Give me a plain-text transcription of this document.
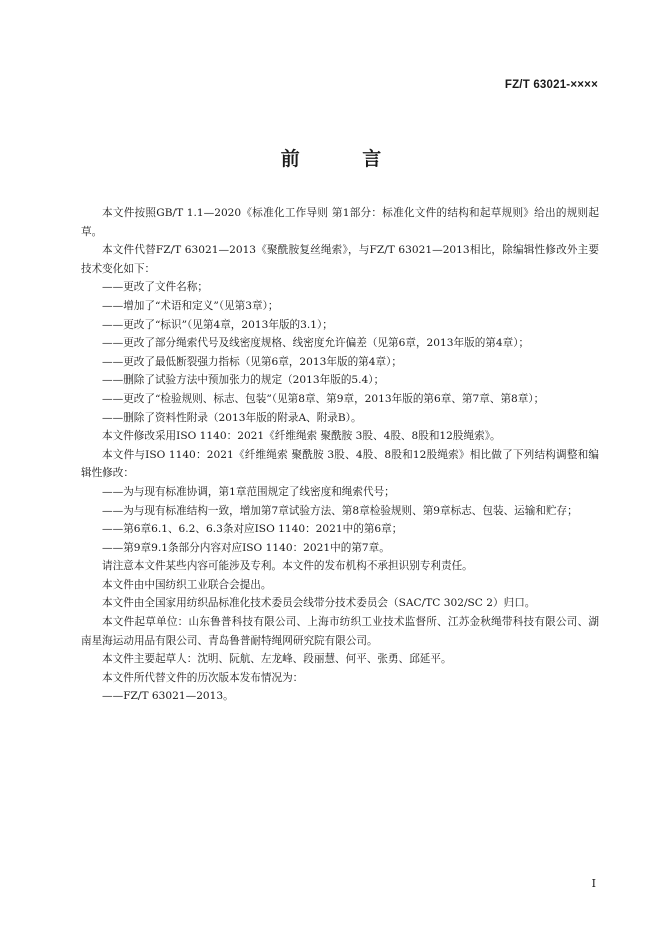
FZ/T 63021-××××
前 言

本文件按照GB/T 1.1—2020《标准化工作导则 第1部分：标准化文件的结构和起草规则》给出的规则起草。

本文件代替FZ/T 63021—2013《聚酰胺复丝绳索》，与FZ/T 63021—2013相比，除编辑性修改外主要技术变化如下：

——更改了文件名称；

——增加了“术语和定义”（见第3章）；

——更改了“标识”（见第4章，2013年版的3.1）；

——更改了部分绳索代号及线密度规格、线密度允许偏差（见第6章，2013年版的第4章）；

——更改了最低断裂强力指标（见第6章，2013年版的第4章）；

——删除了试验方法中预加张力的规定（2013年版的5.4）；

——更改了“检验规则、标志、包装”（见第8章、第9章，2013年版的第6章、第7章、第8章）；

——删除了资料性附录（2013年版的附录A、附录B）。

本文件修改采用ISO 1140：2021《纤维绳索 聚酰胺 3股、4股、8股和12股绳索》。

本文件与ISO 1140：2021《纤维绳索 聚酰胺 3股、4股、8股和12股绳索》相比做了下列结构调整和编辑性修改：

——为与现有标准协调，第1章范围规定了线密度和绳索代号；

——为与现有标准结构一致，增加第7章试验方法、第8章检验规则、第9章标志、包装、运输和贮存；

——第6章6.1、6.2、6.3条对应ISO 1140：2021中的第6章；

——第9章9.1条部分内容对应ISO 1140：2021中的第7章。

请注意本文件某些内容可能涉及专利。本文件的发布机构不承担识别专利责任。

本文件由中国纺织工业联合会提出。

本文件由全国家用纺织品标准化技术委员会线带分技术委员会（SAC/TC 302/SC 2）归口。

本文件起草单位：山东鲁普科技有限公司、上海市纺织工业技术监督所、江苏金秋绳带科技有限公司、湖南星海运动用品有限公司、青岛鲁普耐特绳网研究院有限公司。

本文件主要起草人：沈明、阮航、左龙峰、段丽慧、何平、张勇、邱延平。

本文件所代替文件的历次版本发布情况为：

——FZ/T 63021—2013。

I
